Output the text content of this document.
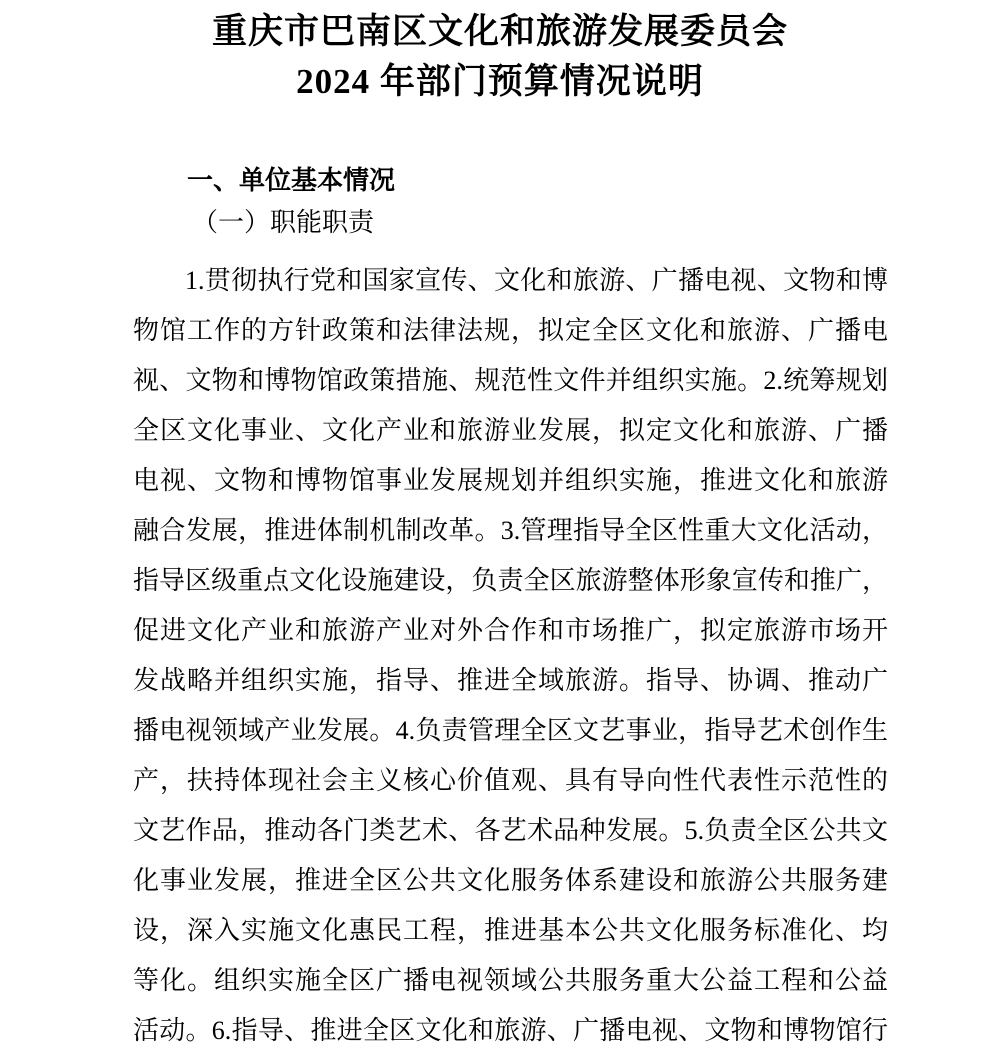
重庆市巴南区文化和旅游发展委员会
2024 年部门预算情况说明
一、单位基本情况
（一）职能职责
1.贯彻执行党和国家宣传、文化和旅游、广播电视、文物和博
物馆工作的方针政策和法律法规，拟定全区文化和旅游、广播电
视、文物和博物馆政策措施、规范性文件并组织实施。2.统筹规划
全区文化事业、文化产业和旅游业发展，拟定文化和旅游、广播
电视、文物和博物馆事业发展规划并组织实施，推进文化和旅游
融合发展，推进体制机制改革。3.管理指导全区性重大文化活动，
指导区级重点文化设施建设，负责全区旅游整体形象宣传和推广，
促进文化产业和旅游产业对外合作和市场推广，拟定旅游市场开
发战略并组织实施，指导、推进全域旅游。指导、协调、推动广
播电视领域产业发展。4.负责管理全区文艺事业，指导艺术创作生
产，扶持体现社会主义核心价值观、具有导向性代表性示范性的
文艺作品，推动各门类艺术、各艺术品种发展。5.负责全区公共文
化事业发展，推进全区公共文化服务体系建设和旅游公共服务建
设，深入实施文化惠民工程，推进基本公共文化服务标准化、均
等化。组织实施全区广播电视领域公共服务重大公益工程和公益
活动。6.指导、推进全区文化和旅游、广播电视、文物和博物馆行
